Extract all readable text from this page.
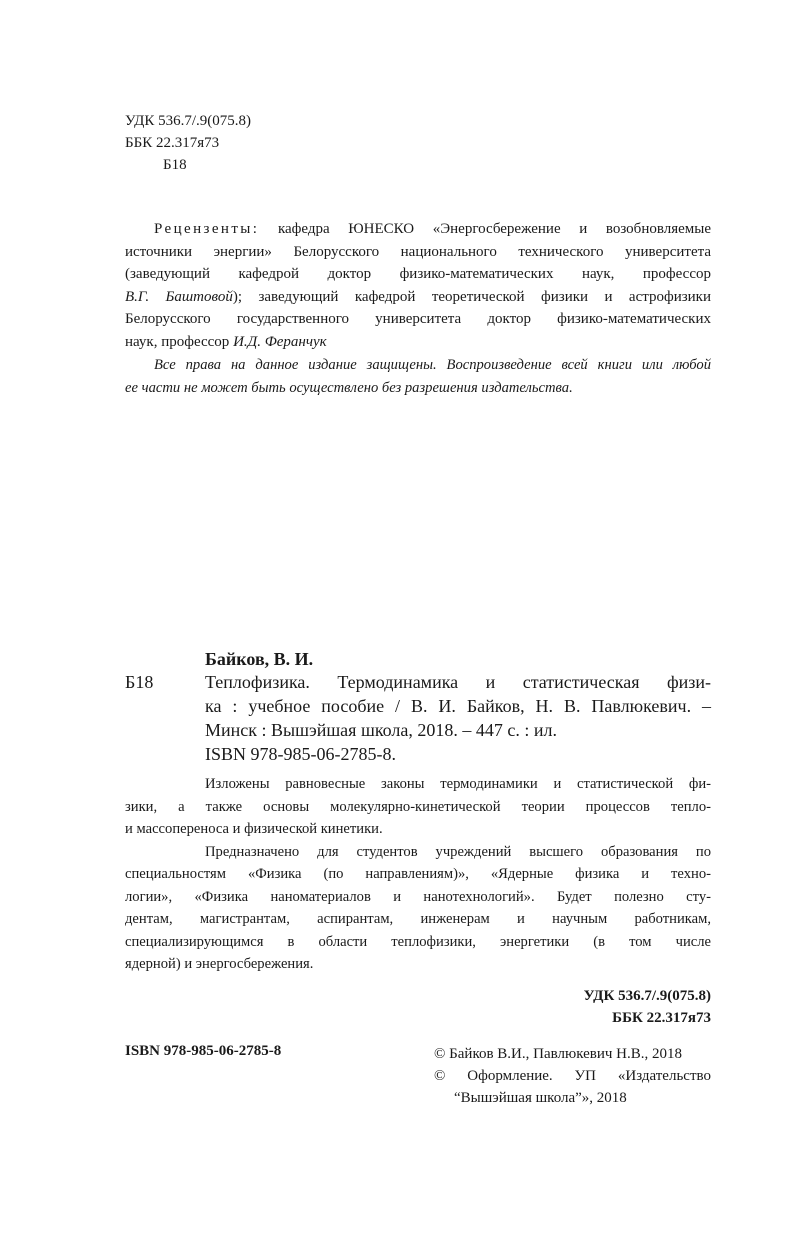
УДК 536.7/.9(075.8)
ББК 22.317я73
Б18
Рецензенты: кафедра ЮНЕСКО «Энергосбережение и возобновляемые
источники энергии» Белорусского национального технического университета
(заведующий кафедрой доктор физико-математических наук, профессор
В.Г. Баштовой); заведующий кафедрой теоретической физики и астрофизики
Белорусского государственного университета доктор физико-математических
наук, профессор И.Д. Феранчук
Все права на данное издание защищены. Воспроизведение всей книги или любой
ее части не может быть осуществлено без разрешения издательства.
Байков, В. И.
Б18	Теплофизика. Термодинамика и статистическая физи-
ка : учебное пособие / В. И. Байков, Н. В. Павлюкевич. –
Минск : Вышэйшая школа, 2018. – 447 с. : ил.
ISBN 978-985-06-2785-8.
Изложены равновесные законы термодинамики и статистической фи-
зики, а также основы молекулярно-кинетической теории процессов тепло-
и массопереноса и физической кинетики.
Предназначено для студентов учреждений высшего образования по
специальностям «Физика (по направлениям)», «Ядерные физика и техно-
логии», «Физика наноматериалов и нанотехнологий». Будет полезно сту-
дентам, магистрантам, аспирантам, инженерам и научным работникам,
специализирующимся в области теплофизики, энергетики (в том числе
ядерной) и энергосбережения.
УДК 536.7/.9(075.8)
ББК 22.317я73
ISBN 978-985-06-2785-8	© Байков В.И., Павлюкевич Н.В., 2018
© Оформление. УП «Издательство
“Вышэйшая школа”», 2018
